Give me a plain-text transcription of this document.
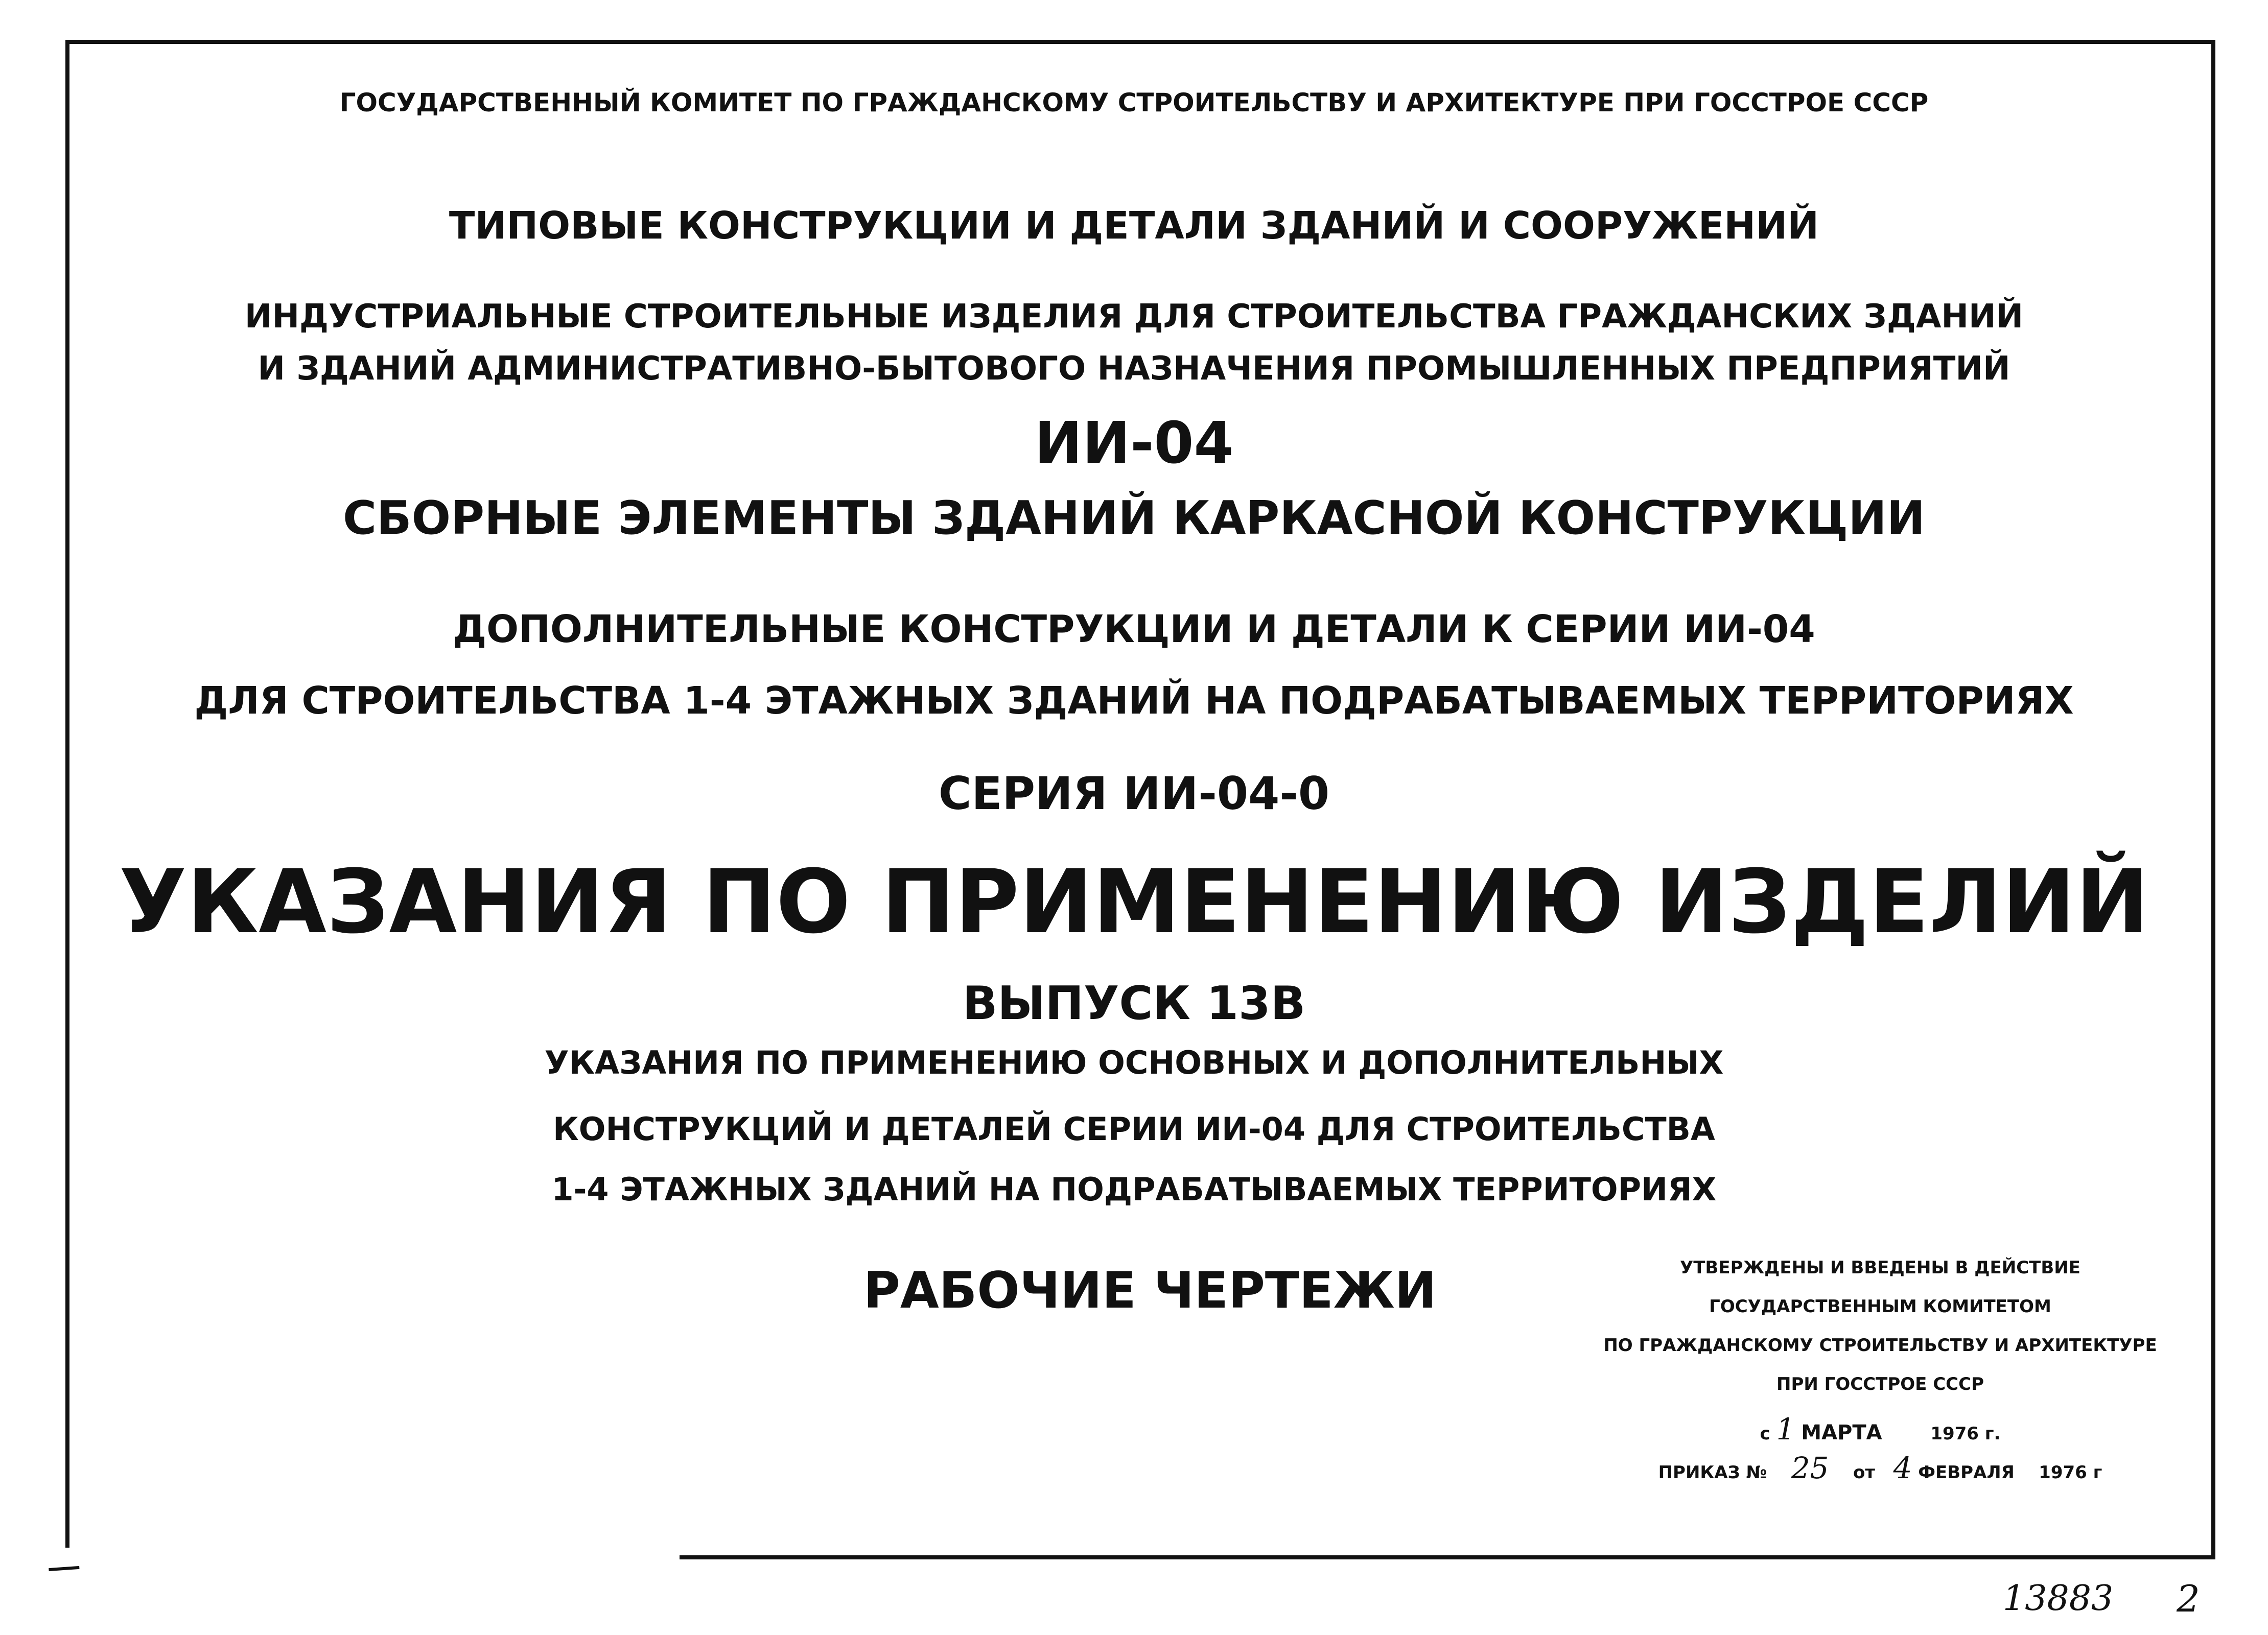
ГОСУДАРСТВЕННЫЙ КОМИТЕТ ПО ГРАЖДАНСКОМУ СТРОИТЕЛЬСТВУ И АРХИТЕКТУРЕ ПРИ ГОССТРОЕ СССР
ТИПОВЫЕ КОНСТРУКЦИИ И ДЕТАЛИ ЗДАНИЙ И СООРУЖЕНИЙ
ИНДУСТРИАЛЬНЫЕ СТРОИТЕЛЬНЫЕ ИЗДЕЛИЯ ДЛЯ СТРОИТЕЛЬСТВА ГРАЖДАНСКИХ ЗДАНИЙ
И ЗДАНИЙ АДМИНИСТРАТИВНО-БЫТОВОГО НАЗНАЧЕНИЯ ПРОМЫШЛЕННЫХ ПРЕДПРИЯТИЙ
ИИ-04
СБОРНЫЕ ЭЛЕМЕНТЫ ЗДАНИЙ КАРКАСНОЙ КОНСТРУКЦИИ
ДОПОЛНИТЕЛЬНЫЕ КОНСТРУКЦИИ И ДЕТАЛИ К СЕРИИ ИИ-04
ДЛЯ СТРОИТЕЛЬСТВА 1-4 ЭТАЖНЫХ ЗДАНИЙ НА ПОДРАБАТЫВАЕМЫХ ТЕРРИТОРИЯХ
СЕРИЯ ИИ-04-0
УКАЗАНИЯ ПО ПРИМЕНЕНИЮ ИЗДЕЛИЙ
ВЫПУСК 13В
УКАЗАНИЯ ПО ПРИМЕНЕНИЮ ОСНОВНЫХ И ДОПОЛНИТЕЛЬНЫХ
КОНСТРУКЦИЙ И ДЕТАЛЕЙ СЕРИИ ИИ-04 ДЛЯ СТРОИТЕЛЬСТВА
1-4 ЭТАЖНЫХ ЗДАНИЙ НА ПОДРАБАТЫВАЕМЫХ ТЕРРИТОРИЯХ
РАБОЧИЕ ЧЕРТЕЖИ	УТВЕРЖДЕНЫ И ВВЕДЕНЫ В ДЕЙСТВИЕ
ГОСУДАРСТВЕННЫМ КОМИТЕТОМ
ПО ГРАЖДАНСКОМУ СТРОИТЕЛЬСТВУ И АРХИТЕКТУРЕ
ПРИ ГОССТРОЕ СССР
с 1 МАРТА	1976 г.
ПРИКАЗ № 25 от 4 ФЕВРАЛЯ 1976 г
13883 2
